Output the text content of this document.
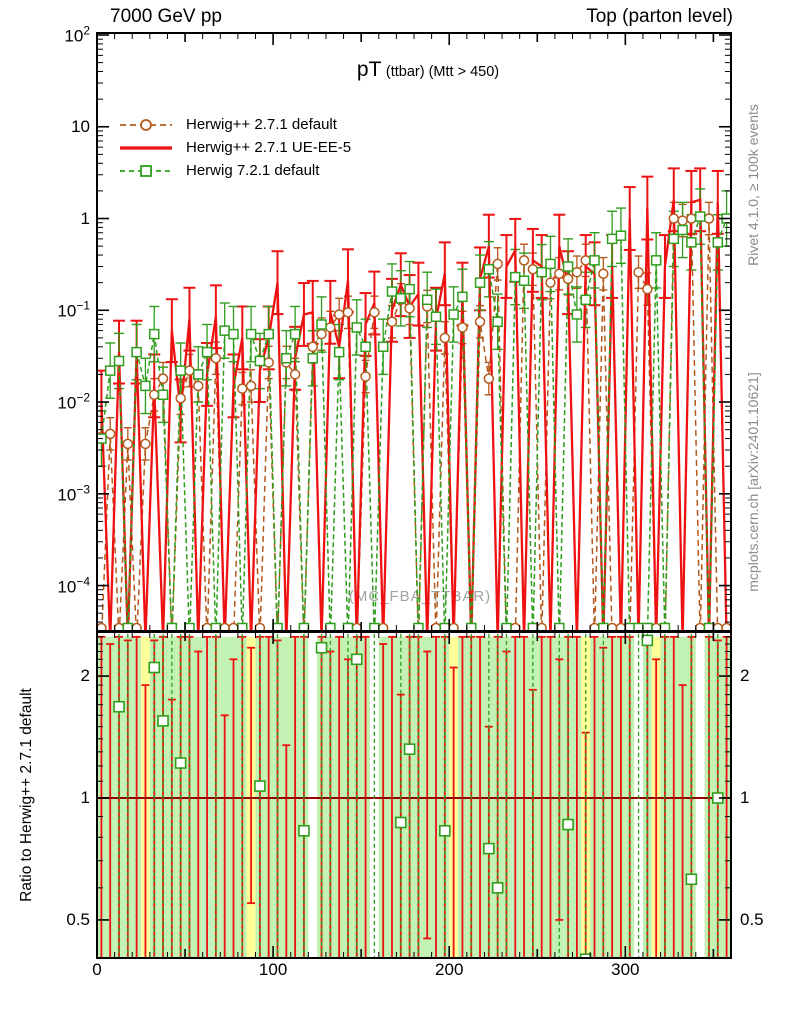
7000 GeV pp	Top (parton level)
pT (ttbar) (Mtt > 450)
Herwig++ 2.7.1 default
Herwig++ 2.7.1 UE-EE-5
Herwig 7.2.1 default
(MC_FBA_TTBAR)
Ratio to Herwig++ 2.7.1 default
Rivet 4.1.0, ≥ 100k events
mcplots.cern.ch [arXiv:2401.10621]
$10^2$
10
1
$10^{-1}$
$10^{-2}$
$10^{-3}$
$10^{-4}$
2	2
1	1
0.5	0.5
0	100	200	300
